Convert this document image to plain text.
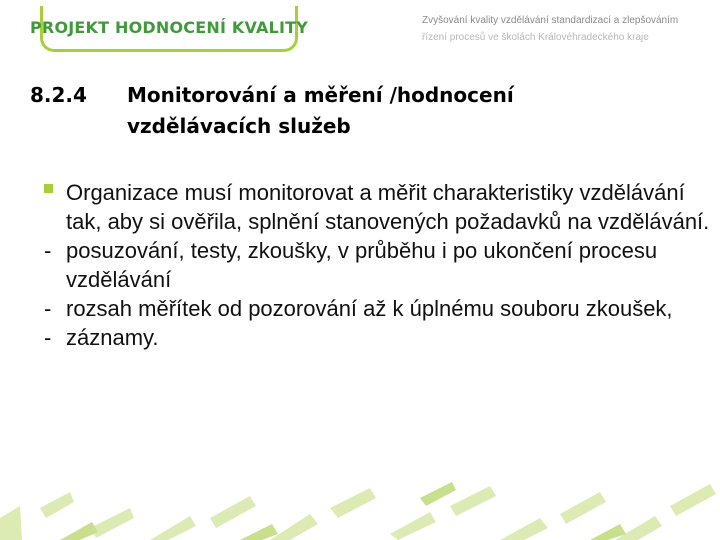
PROJEKT HODNOCENÍ KVALITY	Zvyšování kvality vzdělávání standardizací a zlepšováním
řízení procesů ve školách Královéhradeckého kraje
8.2.4 Monitorování a měření /hodnocení
vzdělávacích služeb
Organizace musí monitorovat a měřit charakteristiky vzdělávání tak, aby si ověřila, splnění stanovených požadavků na vzdělávání.
- posuzování, testy, zkoušky, v průběhu i po ukončení procesu vzdělávání
- rozsah měřítek od pozorování až k úplnému souboru zkoušek,
- záznamy.
